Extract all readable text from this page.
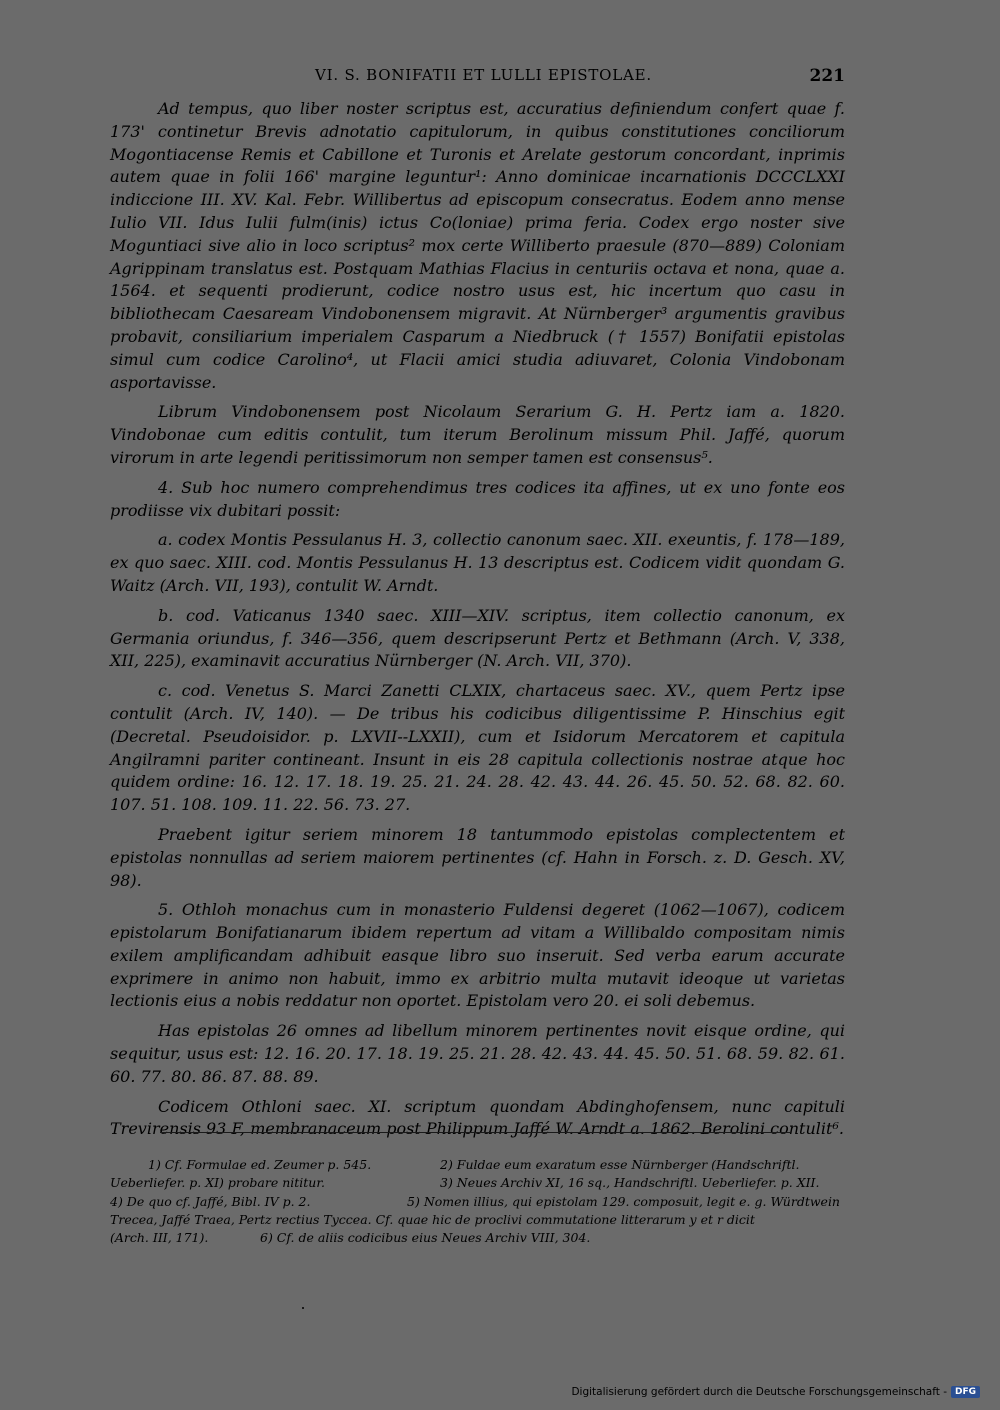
VI. S. BONIFATII ET LULLI EPISTOLAE.	221

Ad tempus, quo liber noster scriptus est, accuratius definiendum confert quae f. 173' continetur Brevis adnotatio capitulorum, in quibus constitutiones conciliorum Mogontiacense Remis et Cabillone et Turonis et Arelate gestorum concordant, inprimis autem quae in folii 166' margine leguntur¹: Anno dominicae incarnationis DCCCLXXI indiccione III. XV. Kal. Febr. Willibertus ad episcopum consecratus. Eodem anno mense Iulio VII. Idus Iulii fulm(inis) ictus Co(loniae) prima feria. Codex ergo noster sive Moguntiaci sive alio in loco scriptus² mox certe Williberto praesule (870—889) Coloniam Agrippinam translatus est. Postquam Mathias Flacius in centuriis octava et nona, quae a. 1564. et sequenti prodierunt, codice nostro usus est, hic incertum quo casu in bibliothecam Caesaream Vindobonensem migravit. At Nürnberger³ argumentis gravibus probavit, consiliarium imperialem Casparum a Niedbruck († 1557) Bonifatii epistolas simul cum codice Carolino⁴, ut Flacii amici studia adiuvaret, Colonia Vindobonam asportavisse.

Librum Vindobonensem post Nicolaum Serarium G. H. Pertz iam a. 1820. Vindobonae cum editis contulit, tum iterum Berolinum missum Phil. Jaffé, quorum virorum in arte legendi peritissimorum non semper tamen est consensus⁵.

4. Sub hoc numero comprehendimus tres codices ita affines, ut ex uno fonte eos prodiisse vix dubitari possit:

a. codex Montis Pessulanus H. 3, collectio canonum saec. XII. exeuntis, f. 178—189, ex quo saec. XIII. cod. Montis Pessulanus H. 13 descriptus est. Codicem vidit quondam G. Waitz (Arch. VII, 193), contulit W. Arndt.

b. cod. Vaticanus 1340 saec. XIII—XIV. scriptus, item collectio canonum, ex Germania oriundus, f. 346—356, quem descripserunt Pertz et Bethmann (Arch. V, 338, XII, 225), examinavit accuratius Nürnberger (N. Arch. VII, 370).

c. cod. Venetus S. Marci Zanetti CLXIX, chartaceus saec. XV., quem Pertz ipse contulit (Arch. IV, 140). — De tribus his codicibus diligentissime P. Hinschius egit (Decretal. Pseudoisidor. p. LXVII--LXXII), cum et Isidorum Mercatorem et capitula Angilramni pariter contineant. Insunt in eis 28 capitula collectionis nostrae atque hoc quidem ordine: 16. 12. 17. 18. 19. 25. 21. 24. 28. 42. 43. 44. 26. 45. 50. 52. 68. 82. 60. 107. 51. 108. 109. 11. 22. 56. 73. 27.

Praebent igitur seriem minorem 18 tantummodo epistolas complectentem et epistolas nonnullas ad seriem maiorem pertinentes (cf. Hahn in Forsch. z. D. Gesch. XV, 98).

5. Othloh monachus cum in monasterio Fuldensi degeret (1062—1067), codicem epistolarum Bonifatianarum ibidem repertum ad vitam a Willibaldo compositam nimis exilem amplificandam adhibuit easque libro suo inseruit. Sed verba earum accurate exprimere in animo non habuit, immo ex arbitrio multa mutavit ideoque ut varietas lectionis eius a nobis reddatur non oportet. Epistolam vero 20. ei soli debemus.

Has epistolas 26 omnes ad libellum minorem pertinentes novit eisque ordine, qui sequitur, usus est: 12. 16. 20. 17. 18. 19. 25. 21. 28. 42. 43. 44. 45. 50. 51. 68. 59. 82. 61. 60. 77. 80. 86. 87. 88. 89.

Codicem Othloni saec. XI. scriptum quondam Abdinghofensem, nunc capituli Trevirensis 93 F, membranaceum post Philippum Jaffé W. Arndt a. 1862. Berolini contulit⁶.

1) Cf. Formulae ed. Zeumer p. 545.	2) Fuldae eum exaratum esse Nürnberger (Handschriftl.
Ueberliefer. p. XI) probare nititur.	3) Neues Archiv XI, 16 sq., Handschriftl. Ueberliefer. p. XII.
4) De quo cf. Jaffé, Bibl. IV p. 2.	5) Nomen illius, qui epistolam 129. composuit, legit e. g. Würdtwein
Trecea, Jaffé Traea, Pertz rectius Tyccea. Cf. quae hic de proclivi commutatione litterarum y et r dicit
(Arch. III, 171).	6) Cf. de aliis codicibus eius Neues Archiv VIII, 304.
Digitalisierung gefördert durch die Deutsche Forschungsgemeinschaft - DFG
